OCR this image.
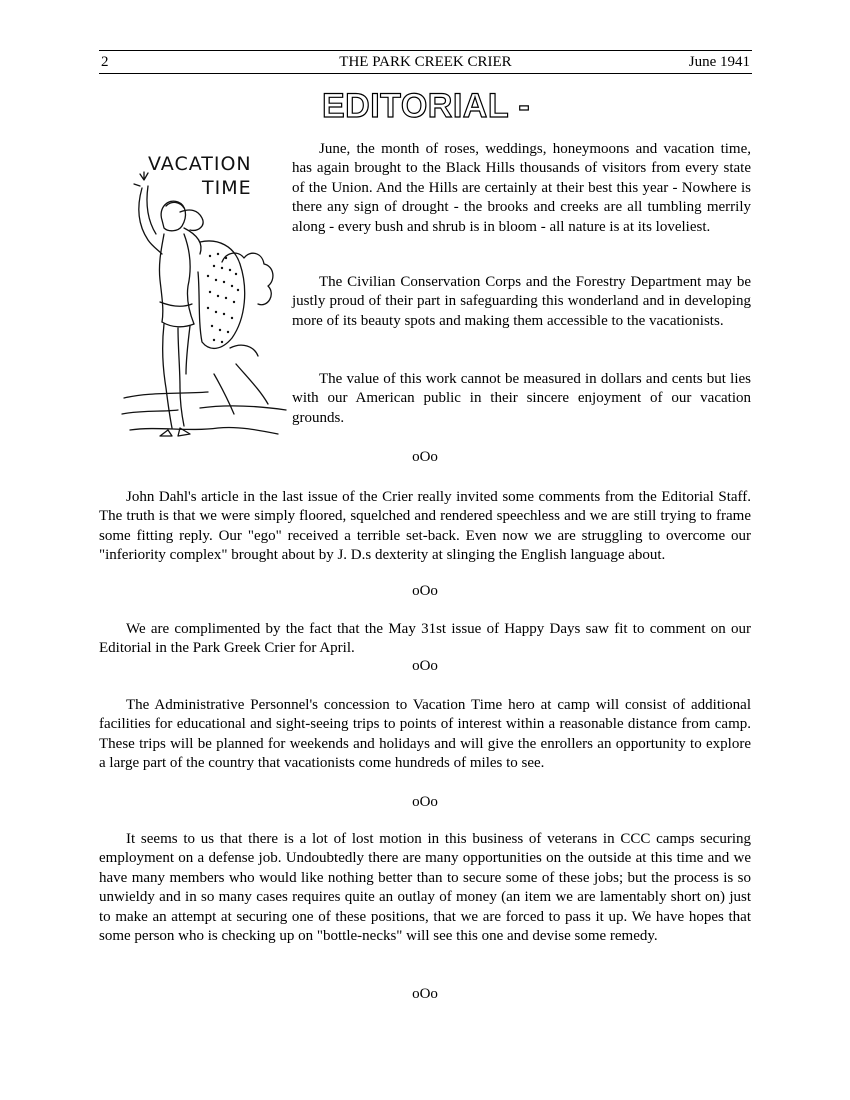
2	THE PARK CREEK CRIER	June 1941
EDITORIAL -
VACATION
TIME

June, the month of roses, weddings, honeymoons and vacation time, has again brought to the Black Hills thousands of visitors from every state of the Union. And the Hills are certainly at their best this year - Nowhere is there any sign of drought - the brooks and creeks are all tumbling merrily along - every bush and shrub is in bloom - all nature is at its loveliest.

The Civilian Conservation Corps and the Forestry Department may be justly proud of their part in safeguarding this wonderland and in developing more of its beauty spots and making them accessible to the vacationists.

The value of this work cannot be measured in dollars and cents but lies with our American public in their sincere enjoyment of our vacation grounds.

oOo

John Dahl's article in the last issue of the Crier really invited some comments from the Editorial Staff. The truth is that we were simply floored, squelched and rendered speechless and we are still trying to frame some fitting reply. Our "ego" received a terrible set-back. Even now we are struggling to overcome our "inferiority complex" brought about by J. D.s dexterity at slinging the English language about.

oOo

We are complimented by the fact that the May 31st issue of Happy Days saw fit to comment on our Editorial in the Park Greek Crier for April.

oOo

The Administrative Personnel's concession to Vacation Time hero at camp will consist of additional facilities for educational and sight-seeing trips to points of interest within a reasonable distance from camp. These trips will be planned for weekends and holidays and will give the enrollers an opportunity to explore a large part of the country that vacationists come hundreds of miles to see.

oOo

It seems to us that there is a lot of lost motion in this business of veterans in CCC camps securing employment on a defense job. Undoubtedly there are many opportunities on the outside at this time and we have many members who would like nothing better than to secure some of these jobs; but the process is so unwieldy and in so many cases requires quite an outlay of money (an item we are lamentably short on) just to make an attempt at securing one of these positions, that we are forced to pass it up. We have hopes that some person who is checking up on "bottle-necks" will see this one and devise some remedy.

oOo
